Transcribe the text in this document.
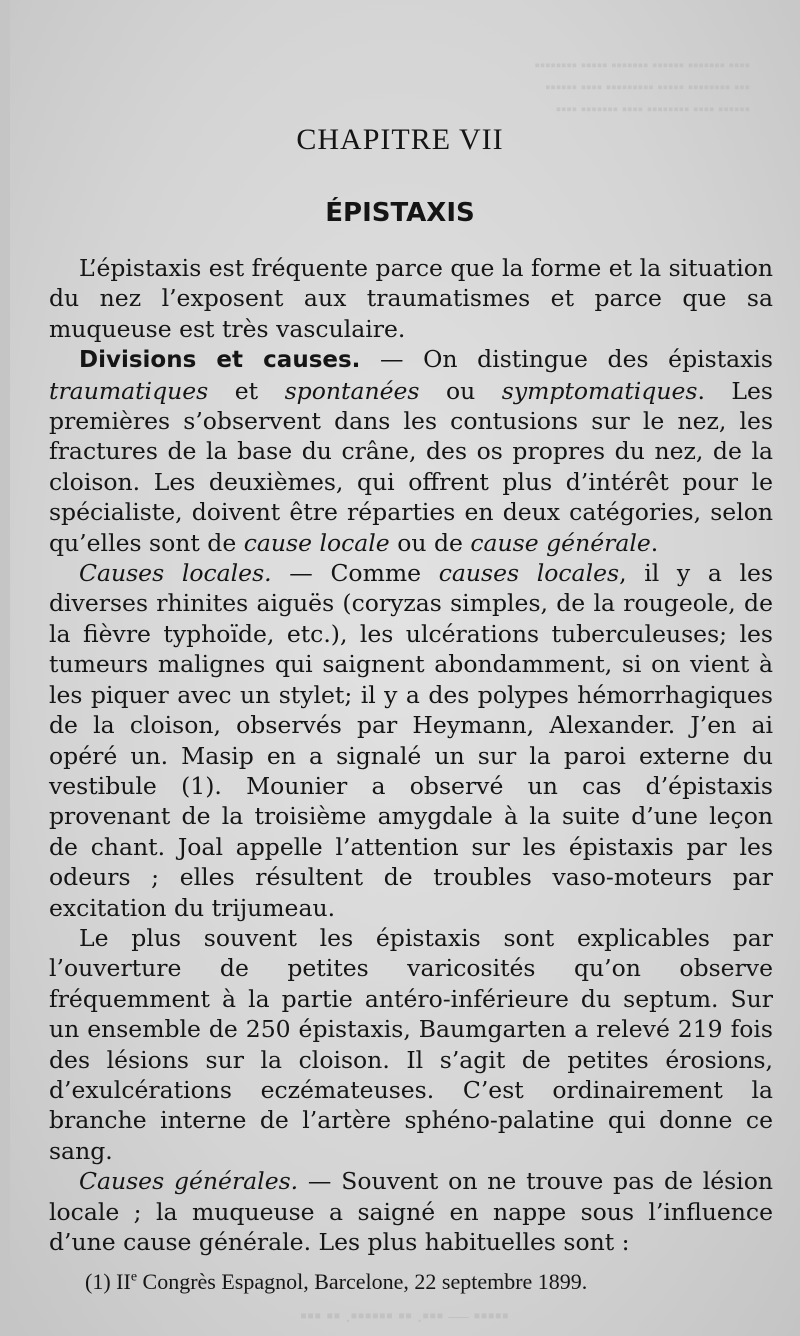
▪▪▪▪ ▪▪▪▪▪▪▪ ▪▪▪▪▪▪ ▪▪▪▪▪▪▪ ▪▪▪▪▪ ▪▪▪▪▪▪▪▪
▪▪▪ ▪▪▪▪▪▪▪▪ ▪▪▪▪▪ ▪▪▪▪▪▪▪▪▪ ▪▪▪▪ ▪▪▪▪▪▪
▪▪▪▪▪▪ ▪▪▪▪ ▪▪▪▪▪▪▪▪ ▪▪▪▪ ▪▪▪▪▪▪▪ ▪▪▪▪
CHAPITRE VII
ÉPISTAXIS

L’épistaxis est fréquente parce que la forme et la situation du nez l’exposent aux traumatismes et parce que sa muqueuse est très vasculaire.

Divisions et causes. — On distingue des épistaxis traumatiques et spontanées ou symptomatiques. Les premières s’observent dans les contusions sur le nez, les fractures de la base du crâne, des os propres du nez, de la cloison. Les deuxièmes, qui offrent plus d’intérêt pour le spécialiste, doivent être réparties en deux catégories, selon qu’elles sont de cause locale ou de cause générale.

Causes locales. — Comme causes locales, il y a les diverses rhinites aiguës (coryzas simples, de la rougeole, de la fièvre typhoïde, etc.), les ulcérations tuberculeuses; les tumeurs malignes qui saignent abondamment, si on vient à les piquer avec un stylet; il y a des polypes hémorrhagiques de la cloison, observés par Heymann, Alexander. J’en ai opéré un. Masip en a signalé un sur la paroi externe du vestibule (1). Mounier a observé un cas d’épistaxis provenant de la troisième amygdale à la suite d’une leçon de chant. Joal appelle l’attention sur les épistaxis par les odeurs ; elles résultent de troubles vaso-moteurs par excitation du trijumeau.

Le plus souvent les épistaxis sont explicables par l’ouverture de petites varicosités qu’on observe fréquemment à la partie antéro-inférieure du septum. Sur un ensemble de 250 épistaxis, Baumgarten a relevé 219 fois des lésions sur la cloison. Il s’agit de petites érosions, d’exulcérations eczémateuses. C’est ordinairement la branche interne de l’artère sphéno-palatine qui donne ce sang.

Causes générales. — Souvent on ne trouve pas de lésion locale ; la muqueuse a saigné en nappe sous l’influence d’une cause générale. Les plus habituelles sont :

(1) IIe Congrès Espagnol, Barcelone, 22 septembre 1899.
▪▪▪▪▪ — ▪▪▪. ▪▪ ▪▪▪▪▪▪. ▪▪ ▪▪▪
